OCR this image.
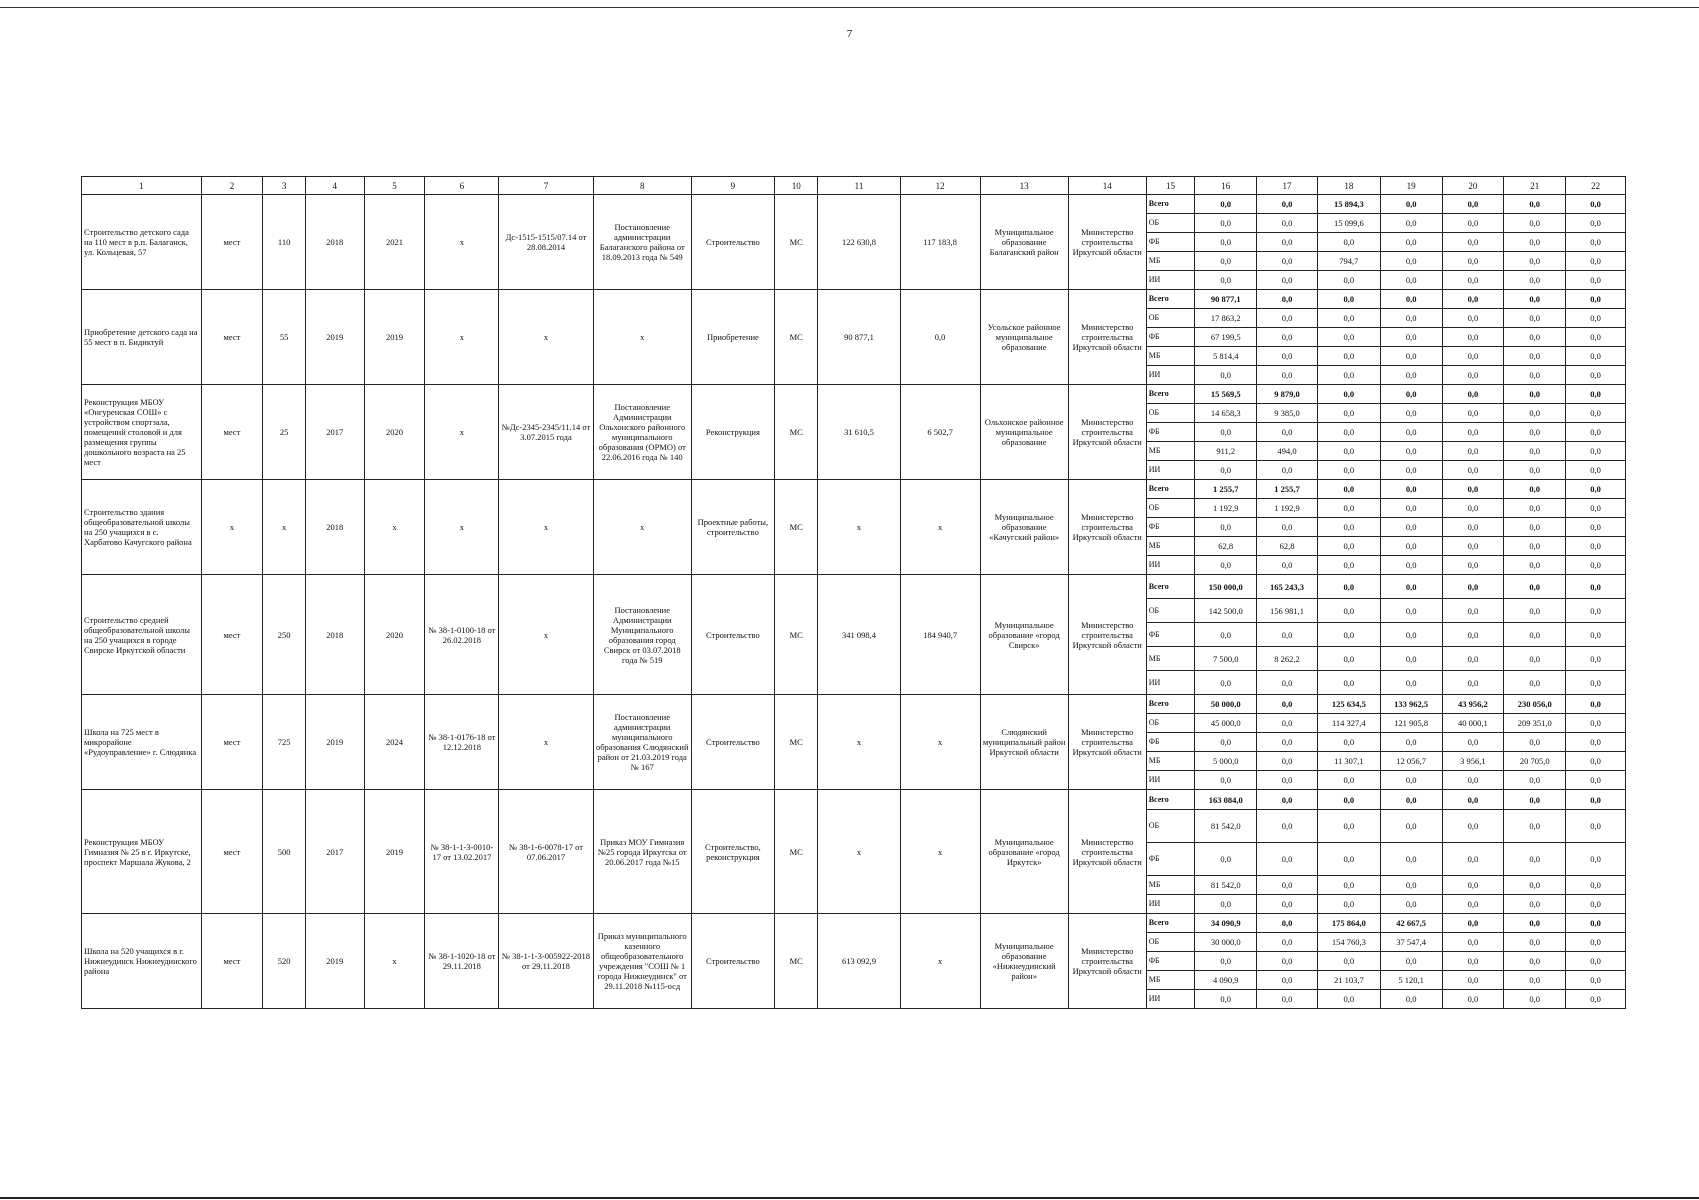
7
1	2	3	4	5	6	7	8	9	10	11	12	13	14	15	16	17	18	19	20	21	22
Строительство детского сада на 110 мест в р.п. Балаганск, ул. Кольцевая, 57	мест	110	2018	2021	х	Дс-1515-1515/07.14 от 28.08.2014	Постановление администрации Балаганского района от 18.09.2013 года № 549	Строительство	МС	122 630,8	117 183,8	Муниципальное образование Балаганский район	Министерство строительства Иркутской области	Всего	0,0	0,0	15 894,3	0,0	0,0	0,0	0,0
														ОБ	0,0	0,0	15 099,6	0,0	0,0	0,0	0,0
														ФБ	0,0	0,0	0,0	0,0	0,0	0,0	0,0
														МБ	0,0	0,0	794,7	0,0	0,0	0,0	0,0
														ИИ	0,0	0,0	0,0	0,0	0,0	0,0	0,0
Приобретение детского сада на 55 мест в п. Бидиктуй	мест	55	2019	2019	х	х	х	Приобретение	МС	90 877,1	0,0	Усольское районное муниципальное образование	Министерство строительства Иркутской области	Всего	90 877,1	0,0	0,0	0,0	0,0	0,0	0,0
														ОБ	17 863,2	0,0	0,0	0,0	0,0	0,0	0,0
														ФБ	67 199,5	0,0	0,0	0,0	0,0	0,0	0,0
														МБ	5 814,4	0,0	0,0	0,0	0,0	0,0	0,0
														ИИ	0,0	0,0	0,0	0,0	0,0	0,0	0,0
Реконструкция МБОУ «Онгуренская СОШ» с устройством спортзала, помещений столовой и для размещения группы дошкольного возраста на 25 мест	мест	25	2017	2020	х	№Дс-2345-2345/11.14 от 3.07.2015 года	Постановление Администрации Ольхонского районного муниципального образования (ОРМО) от 22.06.2016 года № 140	Реконструкция	МС	31 610,5	6 502,7	Ольхонское районное муниципальное образование	Министерство строительства Иркутской области	Всего	15 569,5	9 879,0	0,0	0,0	0,0	0,0	0,0
														ОБ	14 658,3	9 385,0	0,0	0,0	0,0	0,0	0,0
														ФБ	0,0	0,0	0,0	0,0	0,0	0,0	0,0
														МБ	911,2	494,0	0,0	0,0	0,0	0,0	0,0
														ИИ	0,0	0,0	0,0	0,0	0,0	0,0	0,0
Строительство здания общеобразовательной школы на 250 учащихся в с. Харбатово Качугского района	х	х	2018	х	х	х	х	Проектные работы, строительство	МС	х	х	Муниципальное образование «Качугский район»	Министерство строительства Иркутской области	Всего	1 255,7	1 255,7	0,0	0,0	0,0	0,0	0,0
														ОБ	1 192,9	1 192,9	0,0	0,0	0,0	0,0	0,0
														ФБ	0,0	0,0	0,0	0,0	0,0	0,0	0,0
														МБ	62,8	62,8	0,0	0,0	0,0	0,0	0,0
														ИИ	0,0	0,0	0,0	0,0	0,0	0,0	0,0
Строительство средней общеобразовательной школы на 250 учащихся в городе Свирске Иркутской области	мест	250	2018	2020	№ 38-1-0100-18 от 26.02.2018	х	Постановление Администрации Муниципального образования город Свирск от 03.07.2018 года № 519	Строительство	МС	341 098,4	184 940,7	Муниципальное образование «город Свирск»	Министерство строительства Иркутской области	Всего	150 000,0	165 243,3	0,0	0,0	0,0	0,0	0,0
														ОБ	142 500,0	156 981,1	0,0	0,0	0,0	0,0	0,0
														ФБ	0,0	0,0	0,0	0,0	0,0	0,0	0,0
														МБ	7 500,0	8 262,2	0,0	0,0	0,0	0,0	0,0
														ИИ	0,0	0,0	0,0	0,0	0,0	0,0	0,0
Школа на 725 мест в микрорайоне «Рудоуправление» г. Слюдянка	мест	725	2019	2024	№ 38-1-0176-18 от 12.12.2018	х	Постановление администрации муниципального образования Слюдянский район от 21.03.2019 года № 167	Строительство	МС	х	х	Слюдянский муниципальный район Иркутской области	Министерство строительства Иркутской области	Всего	50 000,0	0,0	125 634,5	133 962,5	43 956,2	230 056,0	0,0
														ОБ	45 000,0	0,0	114 327,4	121 905,8	40 000,1	209 351,0	0,0
														ФБ	0,0	0,0	0,0	0,0	0,0	0,0	0,0
														МБ	5 000,0	0,0	11 307,1	12 056,7	3 956,1	20 705,0	0,0
														ИИ	0,0	0,0	0,0	0,0	0,0	0,0	0,0
Реконструкция МБОУ Гимназия № 25 в г. Иркутске, проспект Маршала Жукова, 2	мест	500	2017	2019	№ 38-1-1-3-0010-17 от 13.02.2017	№ 38-1-6-0078-17 от 07.06.2017	Приказ МОУ Гимназия №25 города Иркутска от 20.06.2017 года №15	Строительство, реконструкция	МС	х	х	Муниципальное образование «город Иркутск»	Министерство строительства Иркутской области	Всего	163 084,0	0,0	0,0	0,0	0,0	0,0	0,0
														ОБ	81 542,0	0,0	0,0	0,0	0,0	0,0	0,0
														ФБ	0,0	0,0	0,0	0,0	0,0	0,0	0,0
														МБ	81 542,0	0,0	0,0	0,0	0,0	0,0	0,0
														ИИ	0,0	0,0	0,0	0,0	0,0	0,0	0,0
Школа на 520 учащихся в г. Нижнеудинск Нижнеудинского района	мест	520	2019	х	№ 38-1-1020-18 от 29.11.2018	№ 38-1-1-3-005922-2018 от 29.11.2018	Приказ муниципального казенного общеобразовательного учреждения "СОШ № 1 города Нижнеудинск" от 29.11.2018 №115-осд	Строительство	МС	613 092,9	х	Муниципальное образование «Нижнеудинский район»	Министерство строительства Иркутской области	Всего	34 090,9	0,0	175 864,0	42 667,5	0,0	0,0	0,0
														ОБ	30 000,0	0,0	154 760,3	37 547,4	0,0	0,0	0,0
														ФБ	0,0	0,0	0,0	0,0	0,0	0,0	0,0
														МБ	4 090,9	0,0	21 103,7	5 120,1	0,0	0,0	0,0
														ИИ	0,0	0,0	0,0	0,0	0,0	0,0	0,0
